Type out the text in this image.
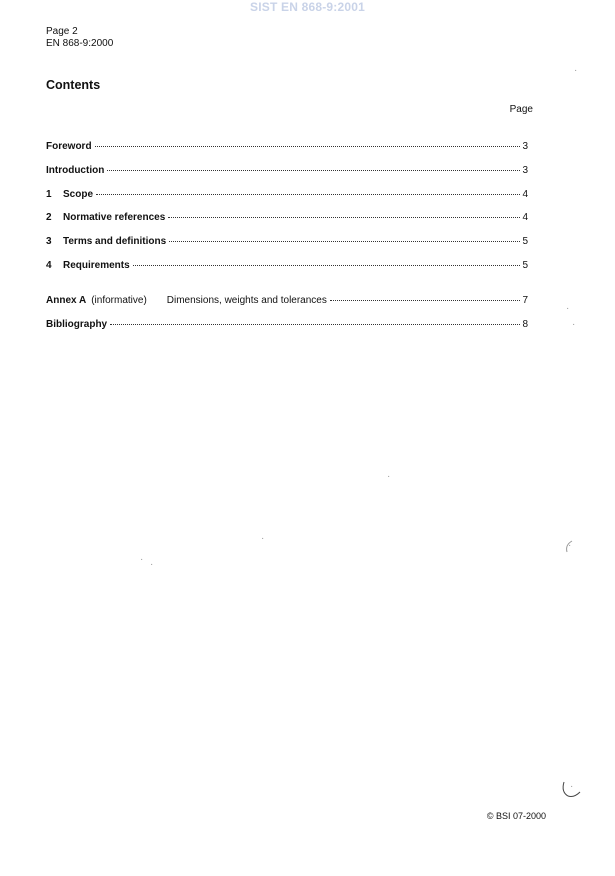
SIST EN 868-9:2001
Page 2
EN 868-9:2000
Contents
Page
Foreword	3
Introduction	3
1	Scope	4
2	Normative references	4
3	Terms and definitions	5
4	Requirements	5
Annex A (informative) Dimensions, weights and tolerances	7
Bibliography	8
© BSI 07-2000
·
·
·
·
·
· ·
·
·
